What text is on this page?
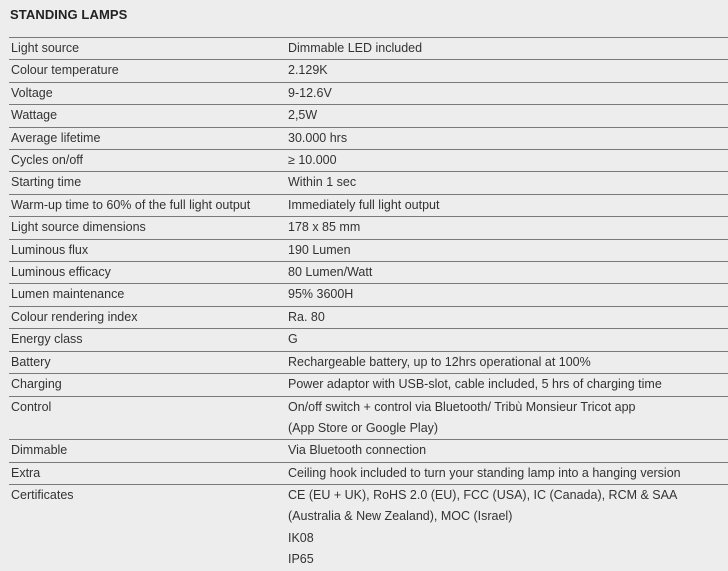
STANDING LAMPS
Light source	Dimmable LED included

Colour temperature	2.129K

Voltage	9-12.6V

Wattage	2,5W

Average lifetime	30.000 hrs

Cycles on/off	≥ 10.000

Starting time	Within 1 sec

Warm-up time to 60% of the full light output	Immediately full light output

Light source dimensions	178 x 85 mm

Luminous flux	190 Lumen

Luminous efficacy	80 Lumen/Watt

Lumen maintenance	95% 3600H

Colour rendering index	Ra. 80

Energy class	G

Battery	Rechargeable battery, up to 12hrs operational at 100%

Charging	Power adaptor with USB-slot, cable included, 5 hrs of charging time

Control	On/off switch + control via Bluetooth/ Tribù Monsieur Tricot app
(App Store or Google Play)

Dimmable	Via Bluetooth connection

Extra	Ceiling hook included to turn your standing lamp into a hanging version

Certificates	CE (EU + UK), RoHS 2.0 (EU), FCC (USA), IC (Canada), RCM & SAA
(Australia & New Zealand), MOC (Israel)
IK08
IP65
